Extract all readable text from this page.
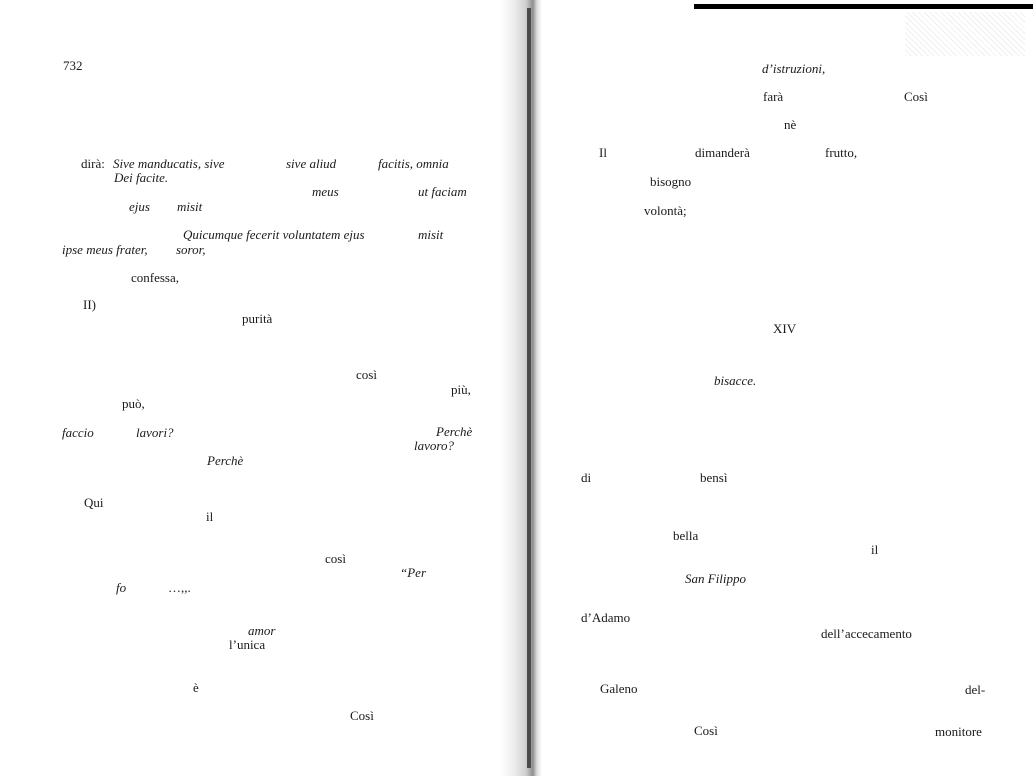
732
dirà: Sive manducatis, sive	sive aliud	facitis, omnia
Dei facite.
meus	ut faciam
ejus misit
Quicumque fecerit voluntatem ejus	misit
ipse meus frater, soror,
confessa,
II)
purità
così
più,
può,
faccio	lavori?	Perchè
lavoro?
Perchè
Qui
il
così
“Per
fo	…,,.
amor
l’unica
è
Così
d’istruzioni,
farà	Così
nè
Il	dimanderà	frutto,
bisogno
volontà;
XIV
bisacce.
di	bensì
bella
il
San Filippo
d’Adamo
dell’accecamento
Galeno	del-
Così	monitore
